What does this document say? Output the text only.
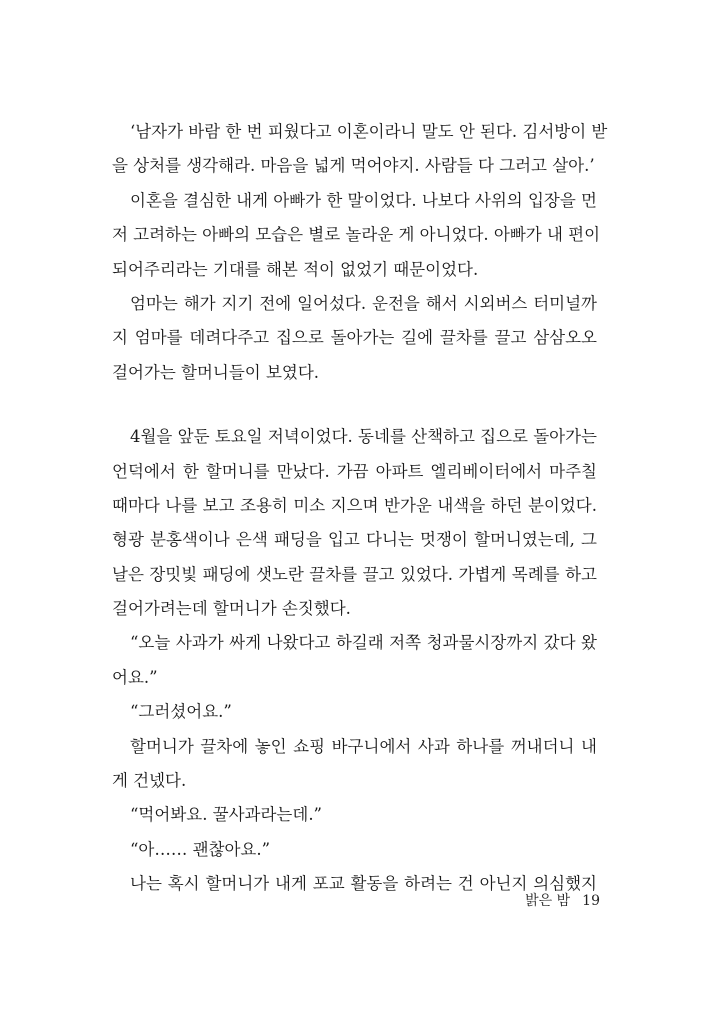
‘남자가 바람 한 번 피웠다고 이혼이라니 말도 안 된다. 김서방이 받
을 상처를 생각해라. 마음을 넓게 먹어야지. 사람들 다 그러고 살아.’
이혼을 결심한 내게 아빠가 한 말이었다. 나보다 사위의 입장을 먼
저 고려하는 아빠의 모습은 별로 놀라운 게 아니었다. 아빠가 내 편이
되어주리라는 기대를 해본 적이 없었기 때문이었다.
엄마는 해가 지기 전에 일어섰다. 운전을 해서 시외버스 터미널까
지 엄마를 데려다주고 집으로 돌아가는 길에 끌차를 끌고 삼삼오오
걸어가는 할머니들이 보였다.
4월을 앞둔 토요일 저녁이었다. 동네를 산책하고 집으로 돌아가는
언덕에서 한 할머니를 만났다. 가끔 아파트 엘리베이터에서 마주칠
때마다 나를 보고 조용히 미소 지으며 반가운 내색을 하던 분이었다.
형광 분홍색이나 은색 패딩을 입고 다니는 멋쟁이 할머니였는데, 그
날은 장밋빛 패딩에 샛노란 끌차를 끌고 있었다. 가볍게 목례를 하고
걸어가려는데 할머니가 손짓했다.
“오늘 사과가 싸게 나왔다고 하길래 저쪽 청과물시장까지 갔다 왔
어요.”
“그러셨어요.”
할머니가 끌차에 놓인 쇼핑 바구니에서 사과 하나를 꺼내더니 내
게 건넸다.
“먹어봐요. 꿀사과라는데.”
“아…… 괜찮아요.”
나는 혹시 할머니가 내게 포교 활동을 하려는 건 아닌지 의심했지
밝은 밤 19
